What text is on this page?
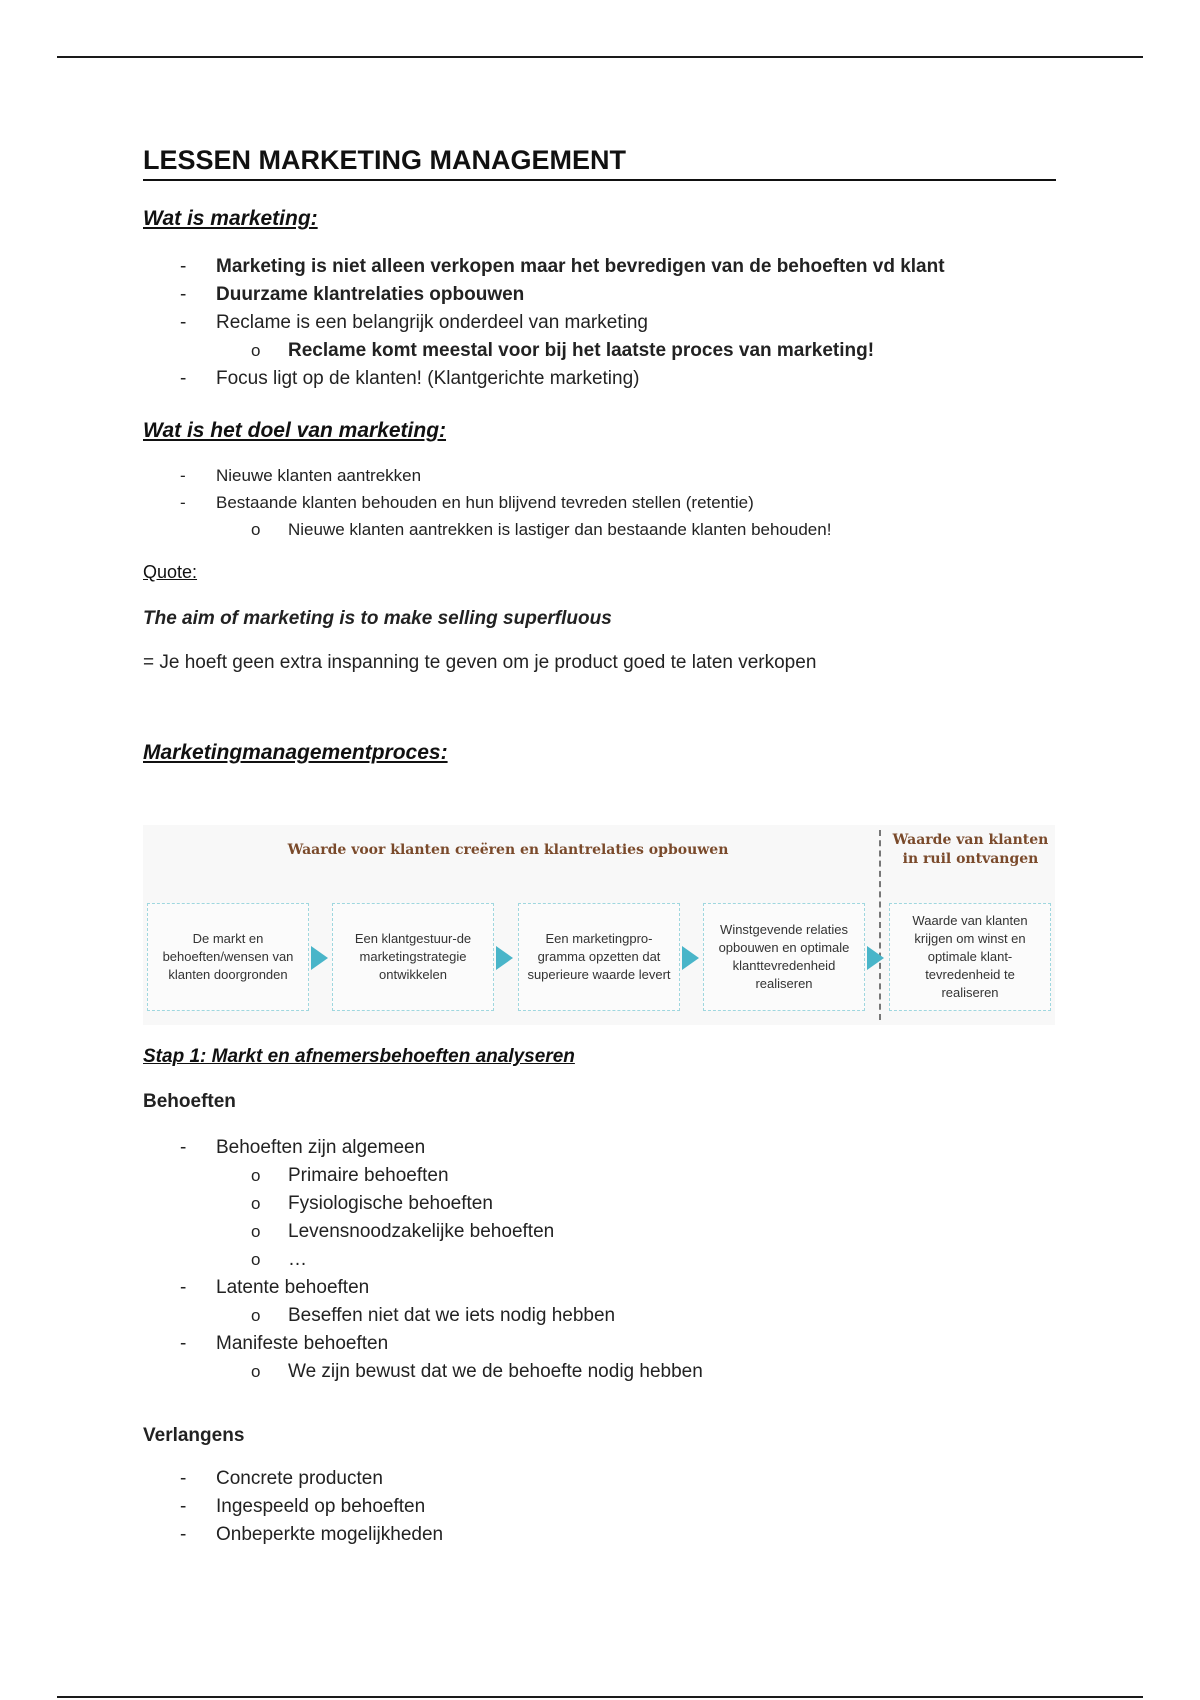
LESSEN MARKETING MANAGEMENT
Wat is marketing:
- Marketing is niet alleen verkopen maar het bevredigen van de behoeften vd klant
- Duurzame klantrelaties opbouwen
- Reclame is een belangrijk onderdeel van marketing
o Reclame komt meestal voor bij het laatste proces van marketing!
- Focus ligt op de klanten! (Klantgerichte marketing)
Wat is het doel van marketing:
- Nieuwe klanten aantrekken
- Bestaande klanten behouden en hun blijvend tevreden stellen (retentie)
o Nieuwe klanten aantrekken is lastiger dan bestaande klanten behouden!

Quote:

The aim of marketing is to make selling superfluous

= Je hoeft geen extra inspanning te geven om je product goed te laten verkopen

Marketingmanagementproces:
Waarde voor klanten creëren en klantrelaties opbouwen
Waarde van klanten in ruil ontvangen
De markt en behoeften/wensen van klanten doorgronden
Een klantgestuur-de marketingstrategie ontwikkelen
Een marketingpro-gramma opzetten dat superieure waarde levert
Winstgevende relaties opbouwen en optimale klanttevredenheid realiseren
Waarde van klanten krijgen om winst en optimale klant-tevredenheid te realiseren
Stap 1: Markt en afnemersbehoeften analyseren

Behoeften

- Behoeften zijn algemeen
o Primaire behoeften
o Fysiologische behoeften
o Levensnoodzakelijke behoeften
o …
- Latente behoeften
o Beseffen niet dat we iets nodig hebben
- Manifeste behoeften
o We zijn bewust dat we de behoefte nodig hebben

Verlangens

- Concrete producten
- Ingespeeld op behoeften
- Onbeperkte mogelijkheden
